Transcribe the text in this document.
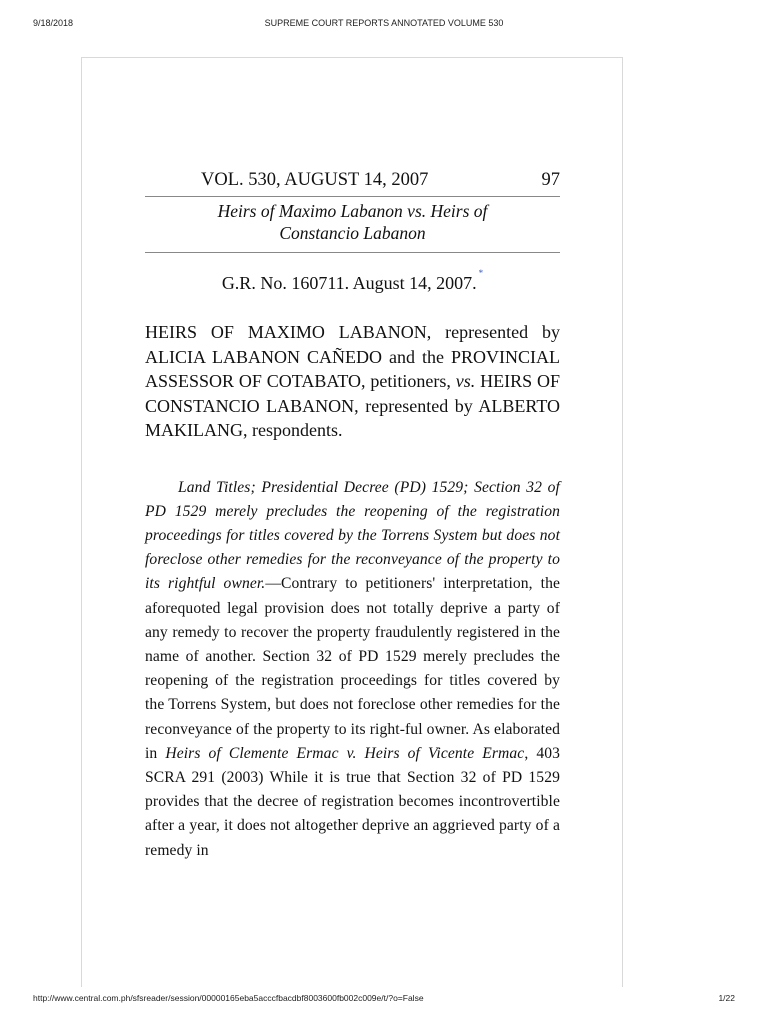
9/18/2018	SUPREME COURT REPORTS ANNOTATED VOLUME 530
VOL. 530, AUGUST 14, 2007	97
Heirs of Maximo Labanon vs. Heirs of
Constancio Labanon
G.R. No. 160711. August 14, 2007. *
HEIRS OF MAXIMO LABANON, represented by ALICIA LABANON CAÑEDO and the PROVINCIAL ASSESSOR OF COTABATO, petitioners, vs. HEIRS OF CONSTANCIO LABANON, represented by ALBERTO MAKILANG, respondents.
Land Titles; Presidential Decree (PD) 1529; Section 32 of PD 1529 merely precludes the reopening of the registration proceedings for titles covered by the Torrens System but does not foreclose other remedies for the reconveyance of the property to its rightful owner.—Contrary to petitioners' interpretation, the aforequoted legal provision does not totally deprive a party of any remedy to recover the property fraudulently registered in the name of another. Section 32 of PD 1529 merely precludes the reopening of the registration proceedings for titles covered by the Torrens System, but does not foreclose other remedies for the reconveyance of the property to its right-ful owner. As elaborated in Heirs of Clemente Ermac v. Heirs of Vicente Ermac, 403 SCRA 291 (2003) While it is true that Section 32 of PD 1529 provides that the decree of registration becomes incontrovertible after a year, it does not altogether deprive an aggrieved party of a remedy in
http://www.central.com.ph/sfsreader/session/00000165eba5acccfbacdbf8003600fb002c009e/t/?o=False	1/22
